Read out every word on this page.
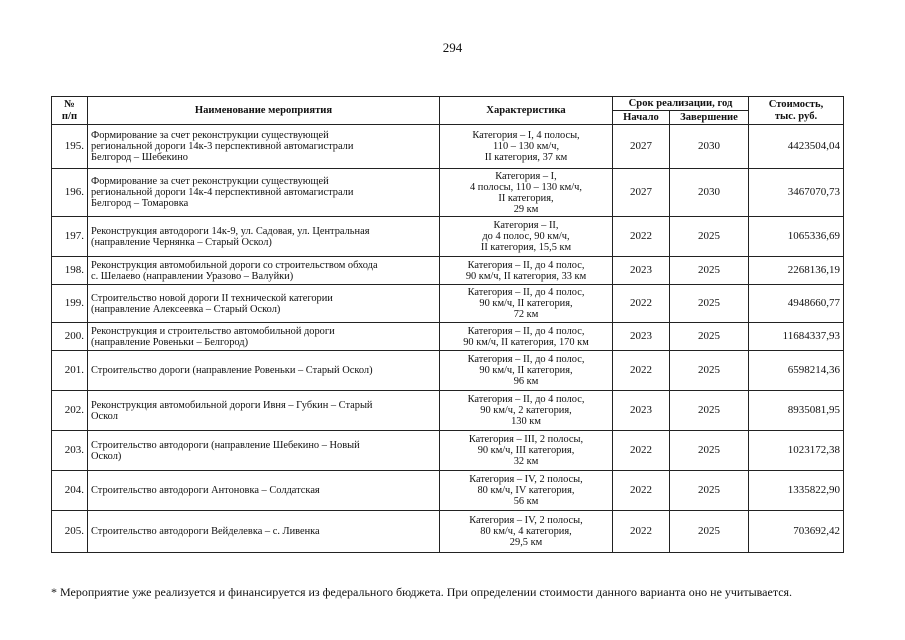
294
№
п/п	Наименование мероприятия	Характеристика	Срок реализации, год		Стоимость,
тыс. руб.

			Начало	Завершение	
195.	Формирование за счет реконструкции существующей
региональной дороги 14к-3 перспективной автомагистрали
Белгород – Шебекино	Категория – I, 4 полосы,
110 – 130 км/ч,
II категория, 37 км	2027	2030	4423504,04
196.	Формирование за счет реконструкции существующей
региональной дороги 14к-4 перспективной автомагистрали
Белгород – Томаровка	Категория – I,
4 полосы, 110 – 130 км/ч,
II категория,
29 км	2027	2030	3467070,73
197.	Реконструкция автодороги 14к-9, ул. Садовая, ул. Центральная
(направление Чернянка – Старый Оскол)	Категория – II,
до 4 полос, 90 км/ч,
II категория, 15,5 км	2022	2025	1065336,69
198.	Реконструкция автомобильной дороги со строительством обхода
с. Шелаево (направлении Уразово – Валуйки)	Категория – II, до 4 полос,
90 км/ч, II категория, 33 км	2023	2025	2268136,19
199.	Строительство новой дороги II технической категории
(направление Алексеевка – Старый Оскол)	Категория – II, до 4 полос,
90 км/ч, II категория,
72 км	2022	2025	4948660,77
200.	Реконструкция и строительство автомобильной дороги
(направление Ровеньки – Белгород)	Категория – II, до 4 полос,
90 км/ч, II категория, 170 км	2023	2025	11684337,93
201.	Строительство дороги (направление Ровеньки – Старый Оскол)	Категория – II, до 4 полос,
90 км/ч, II категория,
96 км	2022	2025	6598214,36
202.	Реконструкция автомобильной дороги Ивня – Губкин – Старый
Оскол	Категория – II, до 4 полос,
90 км/ч, 2 категория,
130 км	2023	2025	8935081,95
203.	Строительство автодороги (направление Шебекино – Новый
Оскол)	Категория – III, 2 полосы,
90 км/ч, III категория,
32 км	2022	2025	1023172,38
204.	Строительство автодороги Антоновка – Солдатская	Категория – IV, 2 полосы,
80 км/ч, IV категория,
56 км	2022	2025	1335822,90
205.	Строительство автодороги Вейделевка – с. Ливенка	Категория – IV, 2 полосы,
80 км/ч, 4 категория,
29,5 км	2022	2025	703692,42
* Мероприятие уже реализуется и финансируется из федерального бюджета. При определении стоимости данного варианта оно не учитывается.
